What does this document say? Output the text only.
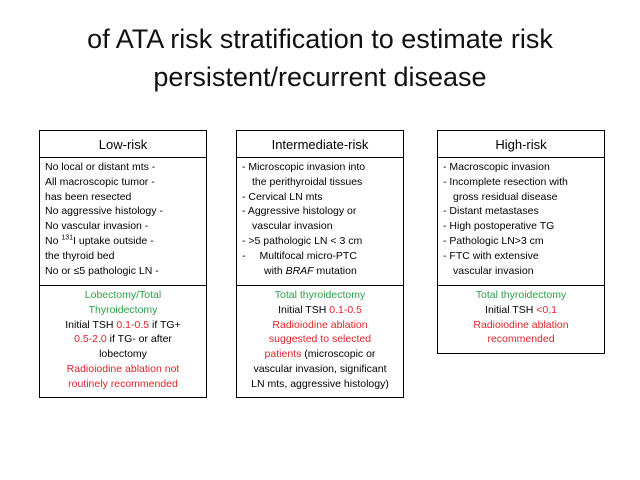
of ATA risk stratification to estimate risk
persistent/recurrent disease
Low-risk
No local or distant mts -
All macroscopic tumor -
has been resected
No aggressive histology -
No vascular invasion -
No $^{131}$I uptake outside -
the thyroid bed
No or ≤5 pathologic LN -
Lobectomy/Total
Thyroidectomy
Initial TSH 0.1-0.5 if TG+
0.5-2.0 if TG- or after
lobectomy
Radioiodine ablation not
routinely recommended
Intermediate-risk
- Microscopic invasion into
the perithyroidal tissues
- Cervical LN mts
- Aggressive histology or
vascular invasion
- >5 pathologic LN < 3 cm
- Multifocal micro-PTC
with BRAF mutation
Total thyroidectomy
Initial TSH 0.1-0.5
Radioiodine ablation
suggested to selected
patients (microscopic or
vascular invasion, significant
LN mts, aggressive histology)
High-risk
- Macroscopic invasion
- Incomplete resection with
gross residual disease
- Distant metastases
- High postoperative TG
- Pathologic LN>3 cm
- FTC with extensive
vascular invasion
Total thyroidectomy
Initial TSH <0.1
Radioiodine ablation
recommended
